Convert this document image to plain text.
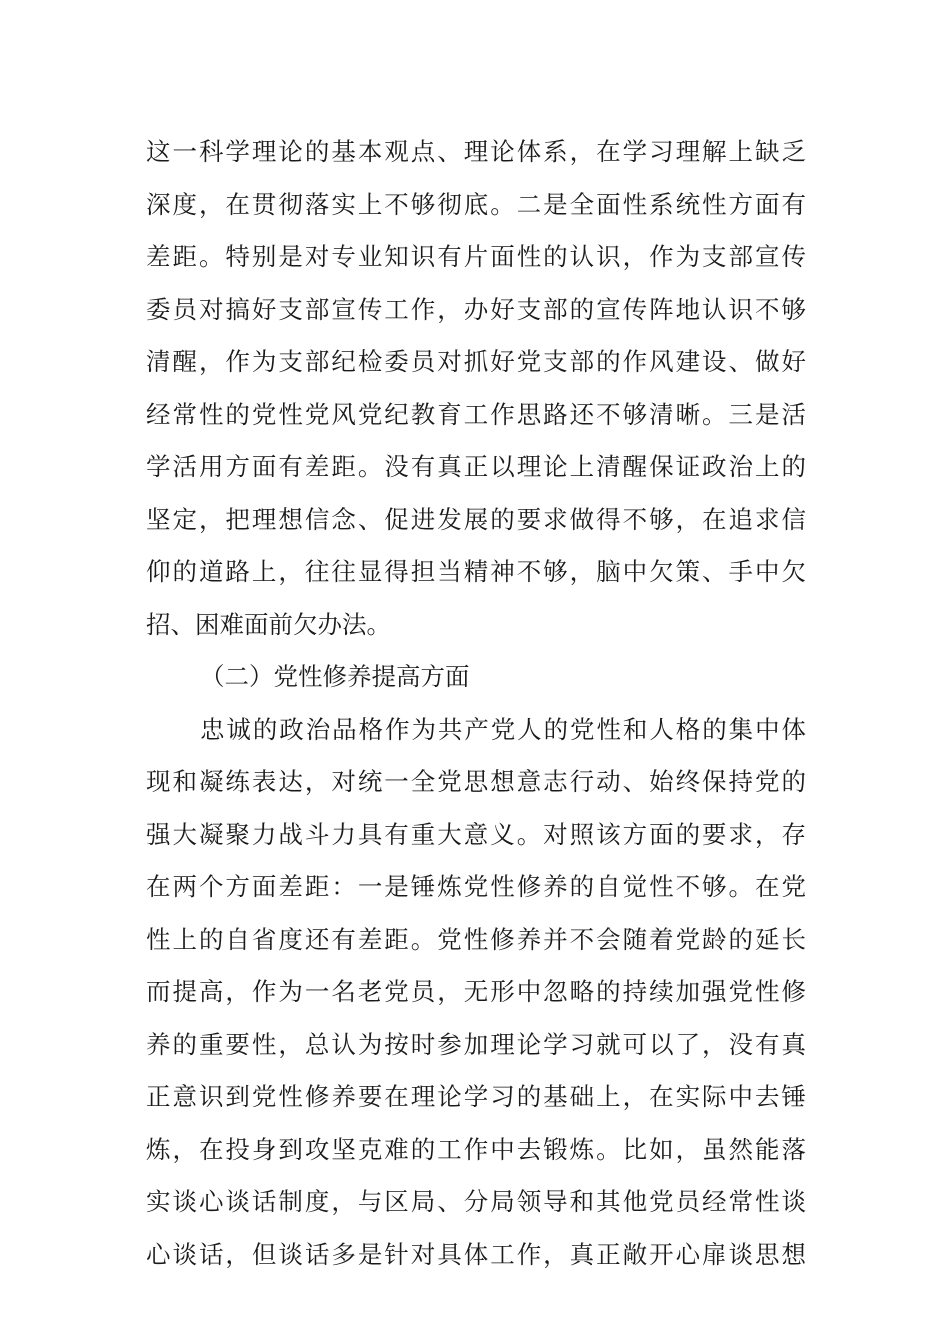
这一科学理论的基本观点、理论体系，在学习理解上缺乏
深度，在贯彻落实上不够彻底。二是全面性系统性方面有
差距。特别是对专业知识有片面性的认识，作为支部宣传
委员对搞好支部宣传工作，办好支部的宣传阵地认识不够
清醒，作为支部纪检委员对抓好党支部的作风建设、做好
经常性的党性党风党纪教育工作思路还不够清晰。三是活
学活用方面有差距。没有真正以理论上清醒保证政治上的
坚定，把理想信念、促进发展的要求做得不够，在追求信
仰的道路上，往往显得担当精神不够，脑中欠策、手中欠
招、困难面前欠办法。
（二）党性修养提高方面
忠诚的政治品格作为共产党人的党性和人格的集中体
现和凝练表达，对统一全党思想意志行动、始终保持党的
强大凝聚力战斗力具有重大意义。对照该方面的要求，存
在两个方面差距：一是锤炼党性修养的自觉性不够。在党
性上的自省度还有差距。党性修养并不会随着党龄的延长
而提高，作为一名老党员，无形中忽略的持续加强党性修
养的重要性，总认为按时参加理论学习就可以了，没有真
正意识到党性修养要在理论学习的基础上，在实际中去锤
炼，在投身到攻坚克难的工作中去锻炼。比如，虽然能落
实谈心谈话制度，与区局、分局领导和其他党员经常性谈
心谈话，但谈话多是针对具体工作，真正敞开心扉谈思想
